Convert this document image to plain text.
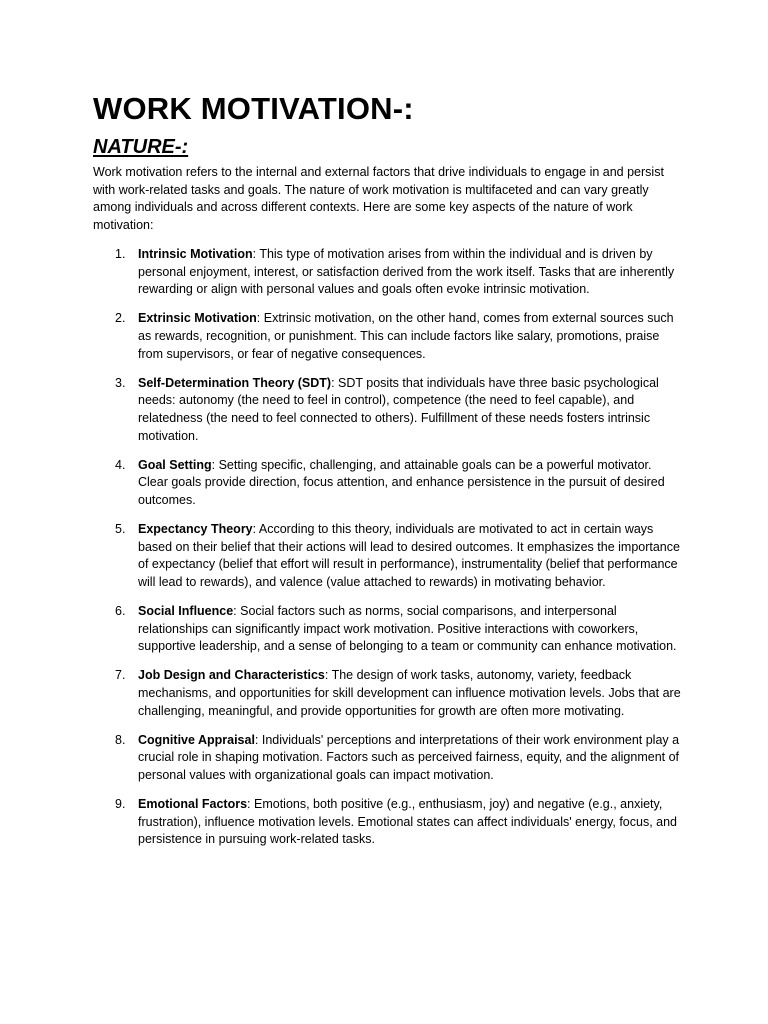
WORK MOTIVATION-:
NATURE-:

Work motivation refers to the internal and external factors that drive individuals to engage in and persist with work-related tasks and goals. The nature of work motivation is multifaceted and can vary greatly among individuals and across different contexts. Here are some key aspects of the nature of work motivation:

1. Intrinsic Motivation: This type of motivation arises from within the individual and is driven by personal enjoyment, interest, or satisfaction derived from the work itself. Tasks that are inherently rewarding or align with personal values and goals often evoke intrinsic motivation.
2. Extrinsic Motivation: Extrinsic motivation, on the other hand, comes from external sources such as rewards, recognition, or punishment. This can include factors like salary, promotions, praise from supervisors, or fear of negative consequences.
3. Self-Determination Theory (SDT): SDT posits that individuals have three basic psychological needs: autonomy (the need to feel in control), competence (the need to feel capable), and relatedness (the need to feel connected to others). Fulfillment of these needs fosters intrinsic motivation.
4. Goal Setting: Setting specific, challenging, and attainable goals can be a powerful motivator. Clear goals provide direction, focus attention, and enhance persistence in the pursuit of desired outcomes.
5. Expectancy Theory: According to this theory, individuals are motivated to act in certain ways based on their belief that their actions will lead to desired outcomes. It emphasizes the importance of expectancy (belief that effort will result in performance), instrumentality (belief that performance will lead to rewards), and valence (value attached to rewards) in motivating behavior.
6. Social Influence: Social factors such as norms, social comparisons, and interpersonal relationships can significantly impact work motivation. Positive interactions with coworkers, supportive leadership, and a sense of belonging to a team or community can enhance motivation.
7. Job Design and Characteristics: The design of work tasks, autonomy, variety, feedback mechanisms, and opportunities for skill development can influence motivation levels. Jobs that are challenging, meaningful, and provide opportunities for growth are often more motivating.
8. Cognitive Appraisal: Individuals' perceptions and interpretations of their work environment play a crucial role in shaping motivation. Factors such as perceived fairness, equity, and the alignment of personal values with organizational goals can impact motivation.
9. Emotional Factors: Emotions, both positive (e.g., enthusiasm, joy) and negative (e.g., anxiety, frustration), influence motivation levels. Emotional states can affect individuals' energy, focus, and persistence in pursuing work-related tasks.
